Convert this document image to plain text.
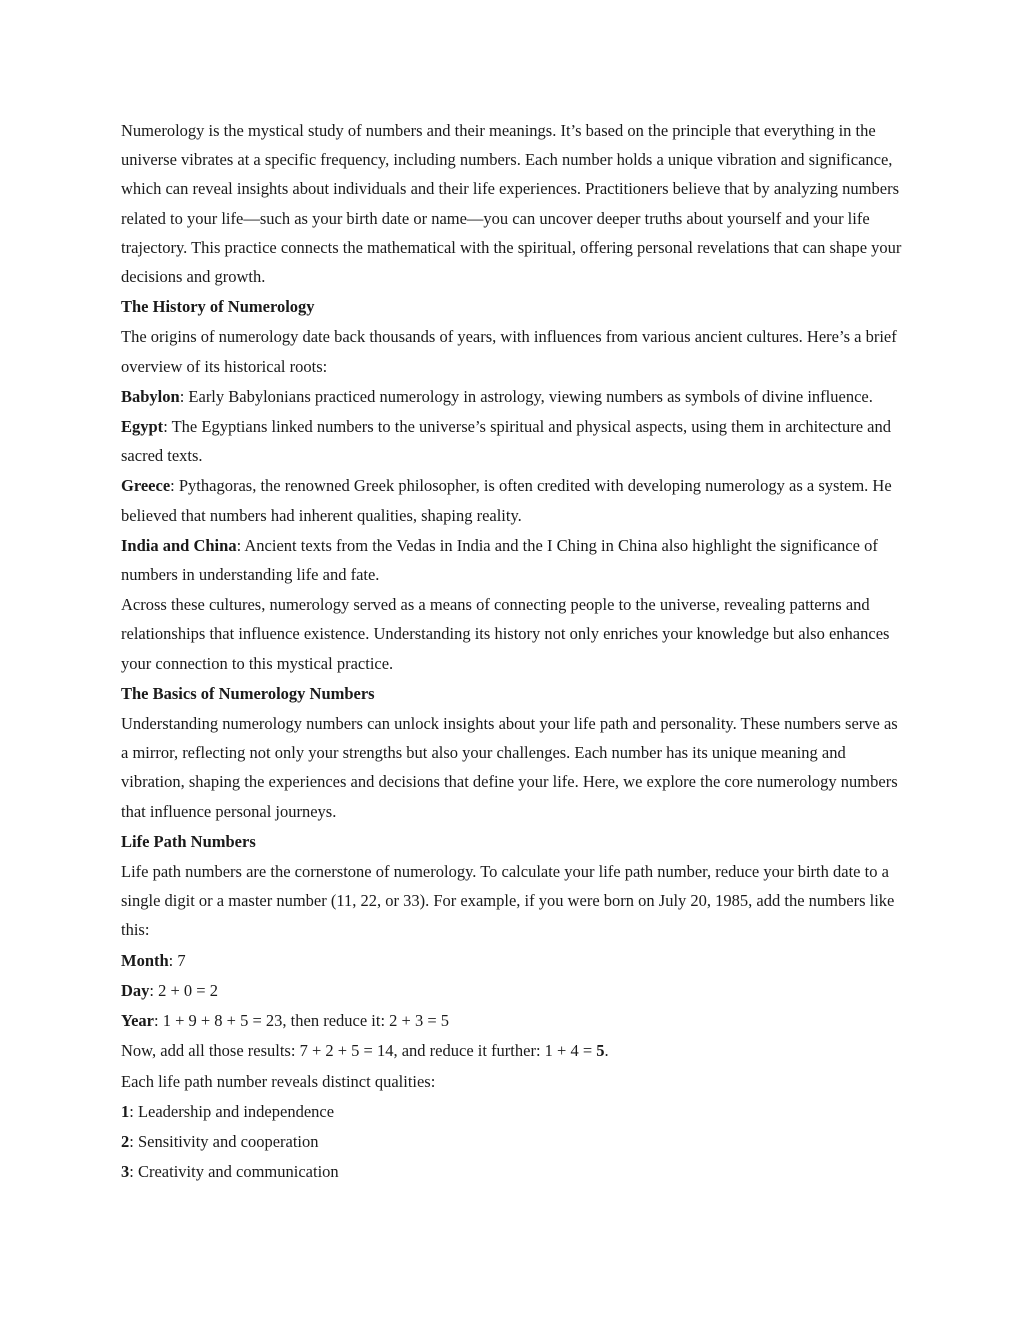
Numerology is the mystical study of numbers and their meanings. It’s based on the principle that everything in the universe vibrates at a specific frequency, including numbers. Each number holds a unique vibration and significance, which can reveal insights about individuals and their life experiences. Practitioners believe that by analyzing numbers related to your life—such as your birth date or name—you can uncover deeper truths about yourself and your life trajectory. This practice connects the mathematical with the spiritual, offering personal revelations that can shape your decisions and growth.

The History of Numerology

The origins of numerology date back thousands of years, with influences from various ancient cultures. Here’s a brief overview of its historical roots:

Babylon: Early Babylonians practiced numerology in astrology, viewing numbers as symbols of divine influence.

Egypt: The Egyptians linked numbers to the universe’s spiritual and physical aspects, using them in architecture and sacred texts.

Greece: Pythagoras, the renowned Greek philosopher, is often credited with developing numerology as a system. He believed that numbers had inherent qualities, shaping reality.

India and China: Ancient texts from the Vedas in India and the I Ching in China also highlight the significance of numbers in understanding life and fate.

Across these cultures, numerology served as a means of connecting people to the universe, revealing patterns and relationships that influence existence. Understanding its history not only enriches your knowledge but also enhances your connection to this mystical practice.

The Basics of Numerology Numbers

Understanding numerology numbers can unlock insights about your life path and personality. These numbers serve as a mirror, reflecting not only your strengths but also your challenges. Each number has its unique meaning and vibration, shaping the experiences and decisions that define your life. Here, we explore the core numerology numbers that influence personal journeys.

Life Path Numbers

Life path numbers are the cornerstone of numerology. To calculate your life path number, reduce your birth date to a single digit or a master number (11, 22, or 33). For example, if you were born on July 20, 1985, add the numbers like this:

Month: 7

Day: 2 + 0 = 2

Year: 1 + 9 + 8 + 5 = 23, then reduce it: 2 + 3 = 5

Now, add all those results: 7 + 2 + 5 = 14, and reduce it further: 1 + 4 = 5.

Each life path number reveals distinct qualities:

1: Leadership and independence

2: Sensitivity and cooperation

3: Creativity and communication
